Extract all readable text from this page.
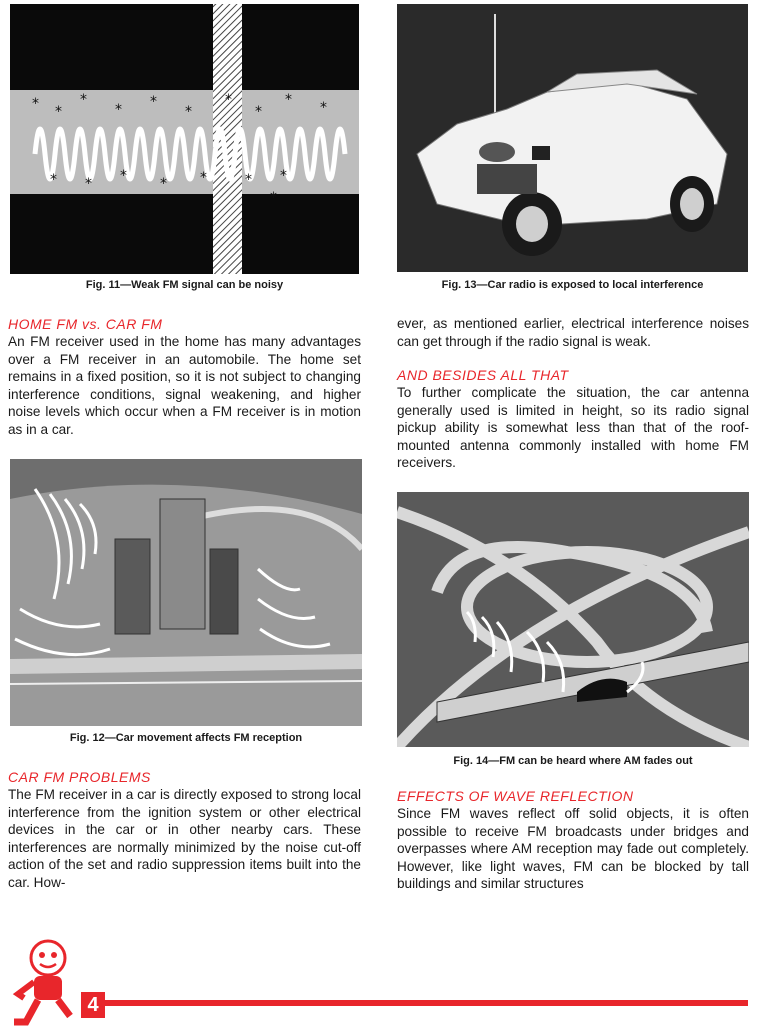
* *
*
* *
*
*
*
* *
* * * * *	* *
*
Fig. 11—Weak FM signal can be noisy	Fig. 13—Car radio is exposed to local interference
HOME FM vs. CAR FM

An FM receiver used in the home has many advantages over a FM receiver in an automobile. The home set remains in a fixed position, so it is not subject to changing interference conditions, signal weakening, and higher noise levels which occur when a FM receiver is in motion as in a car.

Fig. 12—Car movement affects FM reception
CAR FM PROBLEMS

The FM receiver in a car is directly exposed to strong local interference from the ignition system or other electrical devices in the car or in other nearby cars. These interferences are normally minimized by the noise cut-off action of the set and radio suppression items built into the car. How-

ever, as mentioned earlier, electrical interference noises can get through if the radio signal is weak.

AND BESIDES ALL THAT

To further complicate the situation, the car antenna generally used is limited in height, so its radio signal pickup ability is somewhat less than that of the roof-mounted antenna commonly installed with home FM receivers.

Fig. 14—FM can be heard where AM fades out
EFFECTS OF WAVE REFLECTION

Since FM waves reflect off solid objects, it is often possible to receive FM broadcasts under bridges and overpasses where AM reception may fade out completely. However, like light waves, FM can be blocked by tall buildings and similar structures

4
